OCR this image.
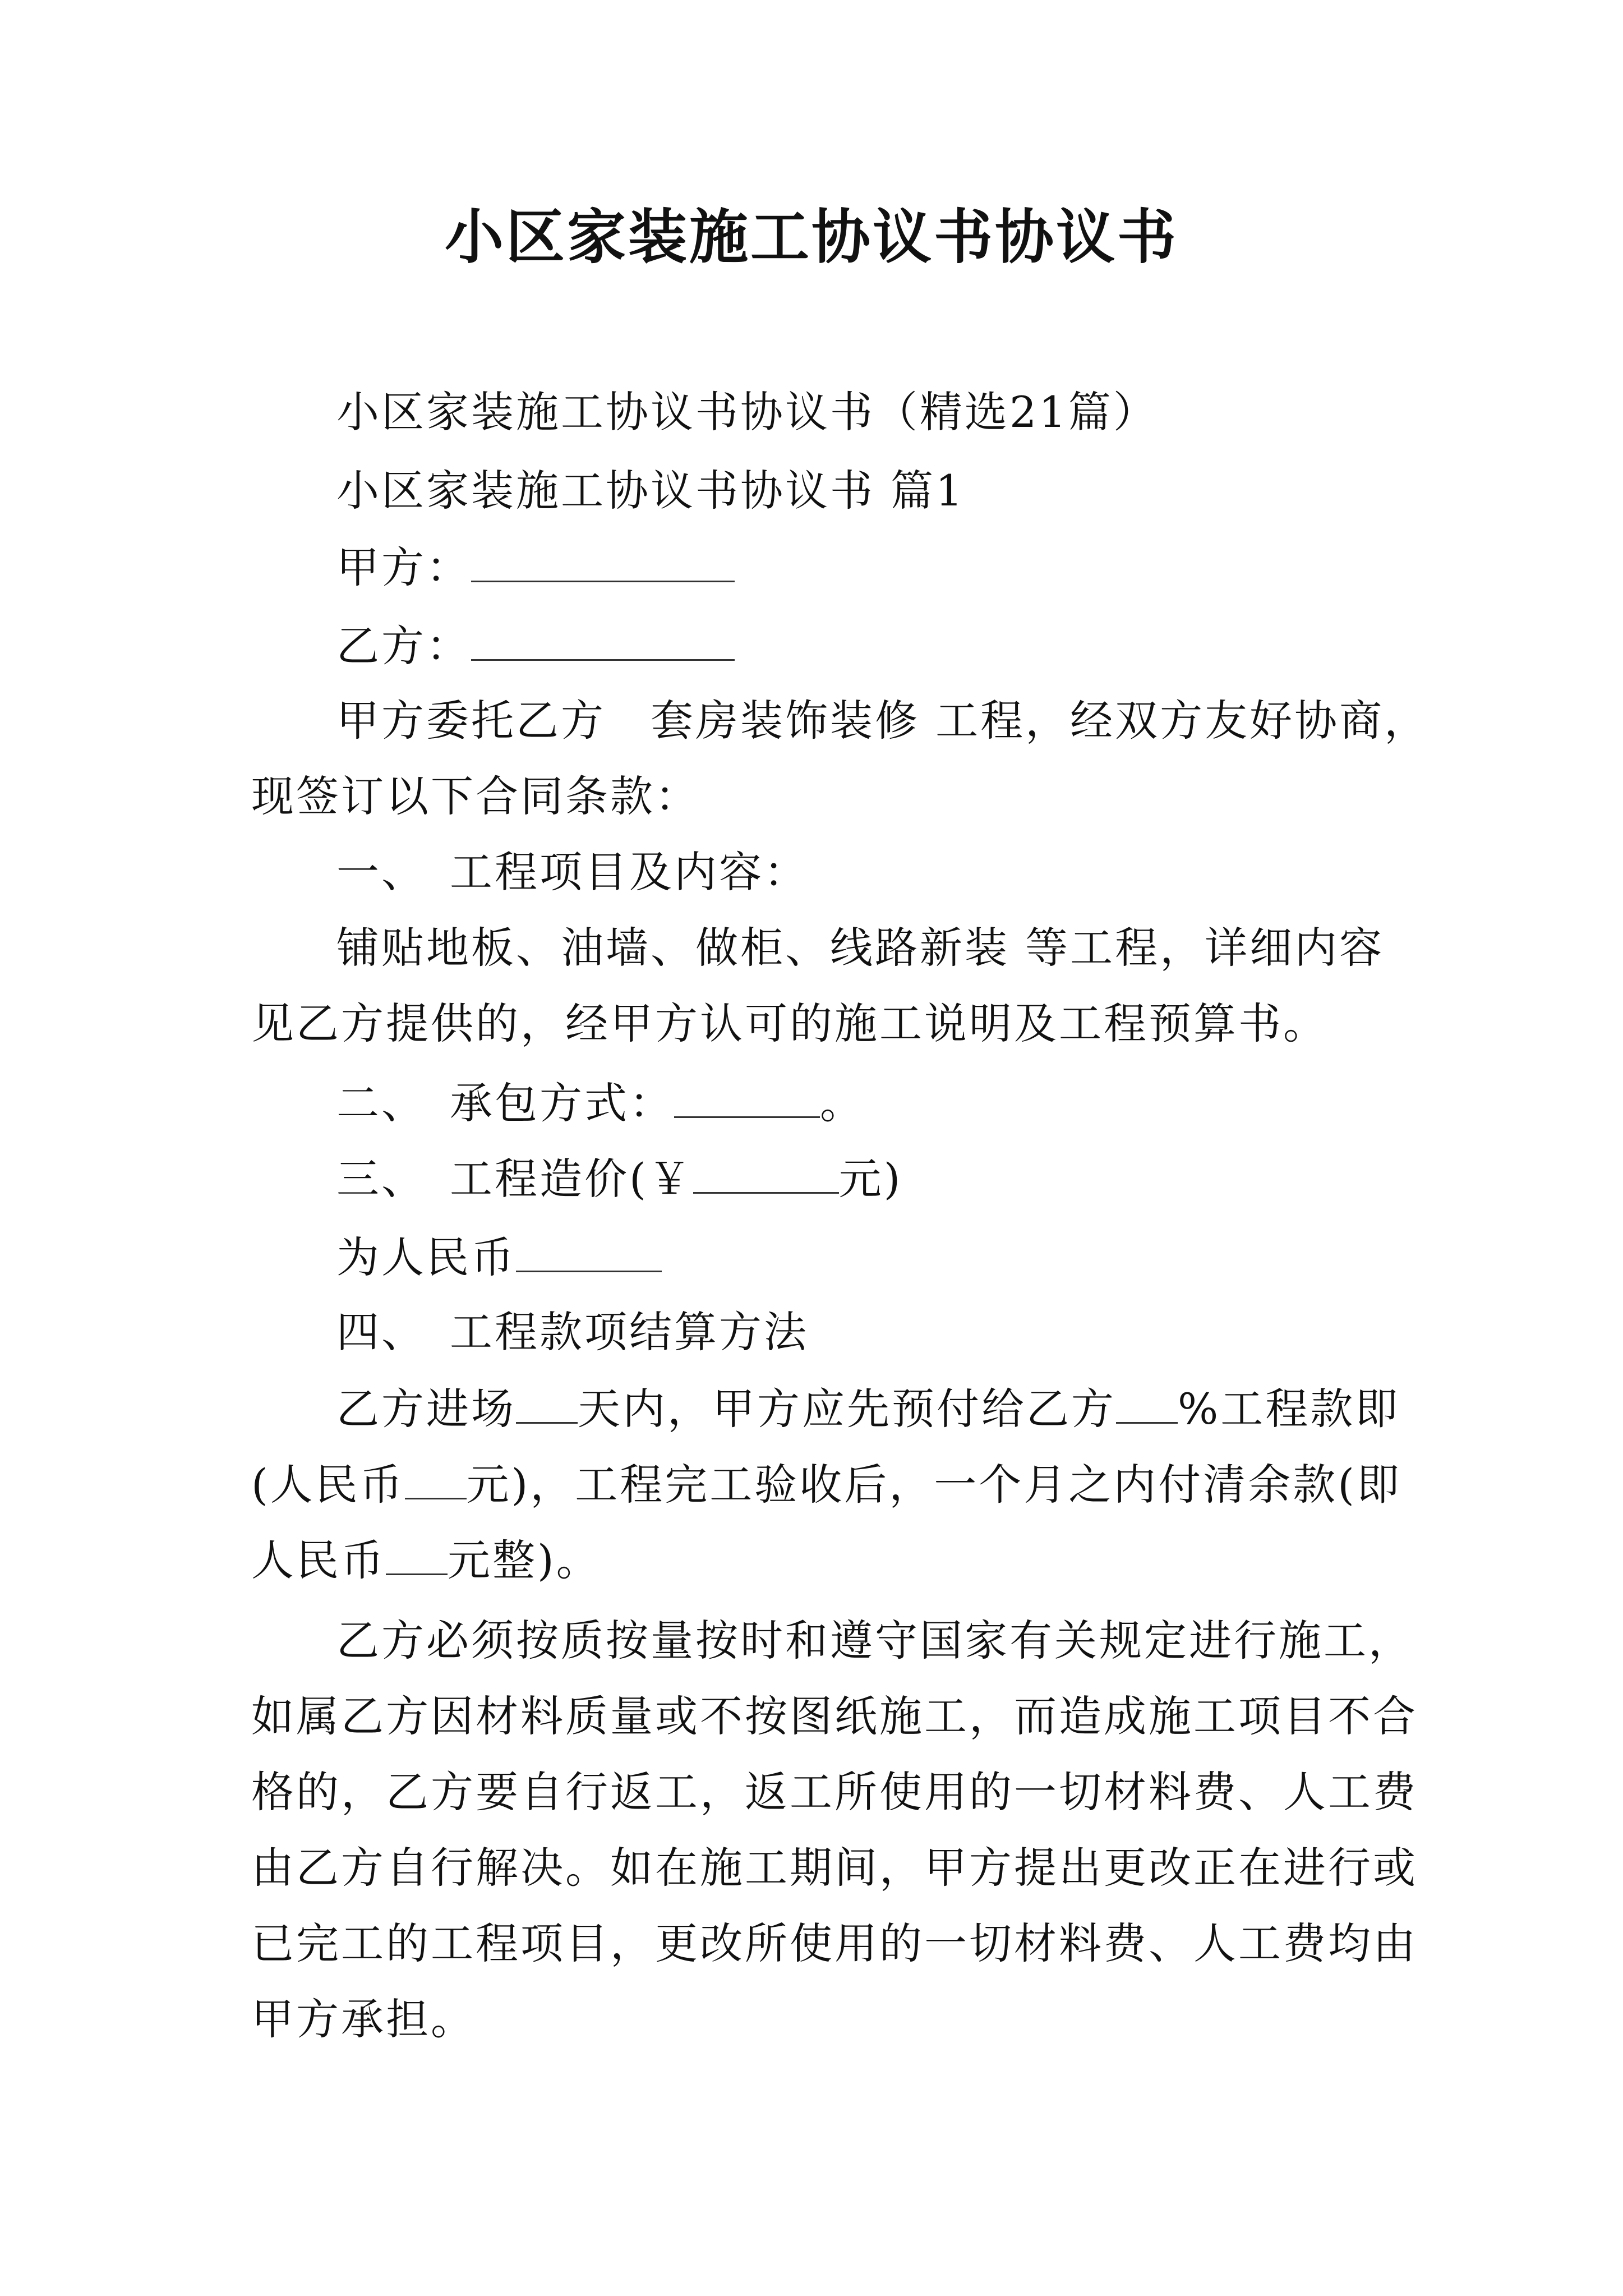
小区家装施工协议书协议书

小区家装施工协议书协议书（精选21篇）

小区家装施工协议书协议书 篇1

甲方：

乙方：

甲方委托乙方　套房装饰装修 工程，经双方友好协商，

现签订以下合同条款：

一、　工程项目及内容：

铺贴地板、油墙、做柜、线路新装 等工程，详细内容

见乙方提供的，经甲方认可的施工说明及工程预算书。

二、　承包方式：	。

三、　工程造价(￥	元)

为人民币

四、　工程款项结算方法

乙方进场 天内，甲方应先预付给乙方 %工程款即

(人民币 元)，工程完工验收后，一个月之内付清余款(即

人民币 元整)。

乙方必须按质按量按时和遵守国家有关规定进行施工，

如属乙方因材料质量或不按图纸施工，而造成施工项目不合

格的，乙方要自行返工，返工所使用的一切材料费、人工费

由乙方自行解决。如在施工期间，甲方提出更改正在进行或

已完工的工程项目，更改所使用的一切材料费、人工费均由

甲方承担。
